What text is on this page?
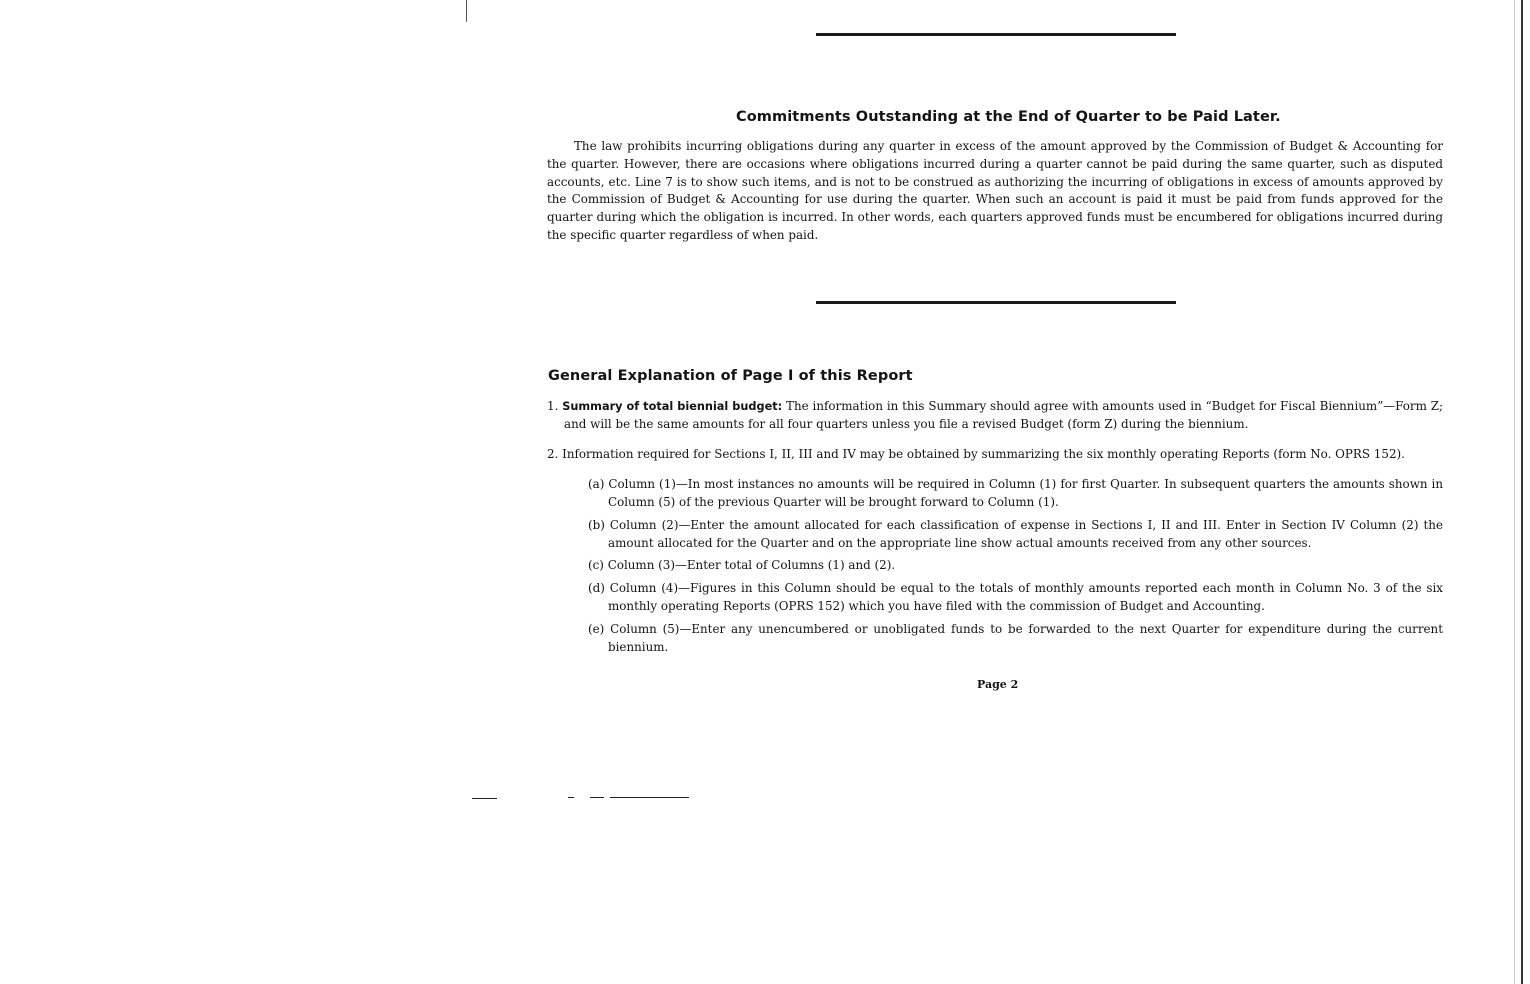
Commitments Outstanding at the End of Quarter to be Paid Later.

The law prohibits incurring obligations during any quarter in excess of the amount approved by the Commission of Budget & Accounting for the quarter. However, there are occasions where obligations incurred during a quarter cannot be paid during the same quarter, such as disputed accounts, etc. Line 7 is to show such items, and is not to be construed as authorizing the incurring of obligations in excess of amounts approved by the Commission of Budget & Accounting for use during the quarter. When such an account is paid it must be paid from funds approved for the quarter during which the obligation is incurred. In other words, each quarters approved funds must be encumbered for obligations incurred during the specific quarter regardless of when paid.

General Explanation of Page I of this Report

1. Summary of total biennial budget: The information in this Summary should agree with amounts used in “Budget for Fiscal Biennium”—Form Z; and will be the same amounts for all four quarters unless you file a revised Budget (form Z) during the biennium.

2. Information required for Sections I, II, III and IV may be obtained by summarizing the six monthly operating Reports (form No. OPRS 152).

(a) Column (1)—In most instances no amounts will be required in Column (1) for first Quarter. In subsequent quarters the amounts shown in Column (5) of the previous Quarter will be brought forward to Column (1).

(b) Column (2)—Enter the amount allocated for each classification of expense in Sections I, II and III. Enter in Section IV Column (2) the amount allocated for the Quarter and on the appropriate line show actual amounts received from any other sources.

(c) Column (3)—Enter total of Columns (1) and (2).

(d) Column (4)—Figures in this Column should be equal to the totals of monthly amounts reported each month in Column No. 3 of the six monthly operating Reports (OPRS 152) which you have filed with the commission of Budget and Accounting.

(e) Column (5)—Enter any unencumbered or unobligated funds to be forwarded to the next Quarter for expenditure during the current biennium.

Page 2
